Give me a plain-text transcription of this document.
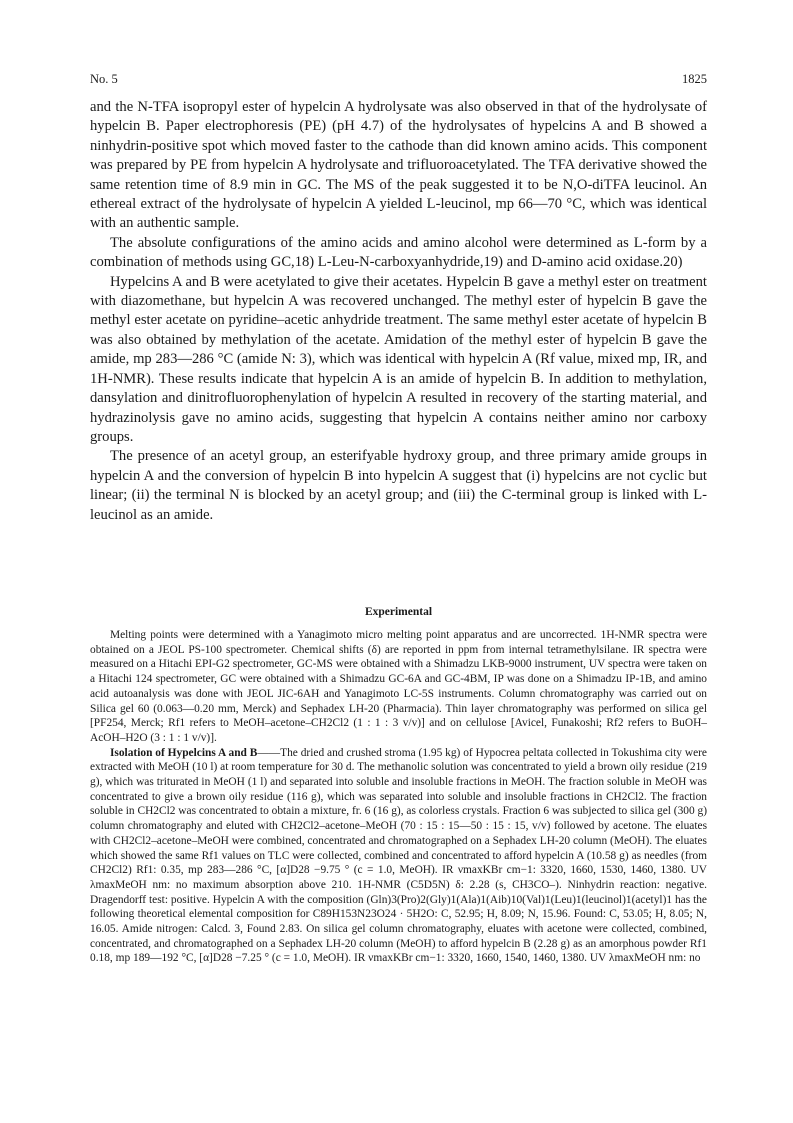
No. 5	1825

and the N-TFA isopropyl ester of hypelcin A hydrolysate was also observed in that of the hydrolysate of hypelcin B. Paper electrophoresis (PE) (pH 4.7) of the hydrolysates of hypelcins A and B showed a ninhydrin-positive spot which moved faster to the cathode than did known amino acids. This component was prepared by PE from hypelcin A hydrolysate and trifluoroacetylated. The TFA derivative showed the same retention time of 8.9 min in GC. The MS of the peak suggested it to be N,O-diTFA leucinol. An ethereal extract of the hydrolysate of hypelcin A yielded L-leucinol, mp 66—70 °C, which was identical with an authentic sample.

The absolute configurations of the amino acids and amino alcohol were determined as L-form by a combination of methods using GC,18) L-Leu-N-carboxyanhydride,19) and D-amino acid oxidase.20)

Hypelcins A and B were acetylated to give their acetates. Hypelcin B gave a methyl ester on treatment with diazomethane, but hypelcin A was recovered unchanged. The methyl ester of hypelcin B gave the methyl ester acetate on pyridine–acetic anhydride treatment. The same methyl ester acetate of hypelcin B was also obtained by methylation of the acetate. Amidation of the methyl ester of hypelcin B gave the amide, mp 283—286 °C (amide N: 3), which was identical with hypelcin A (Rf value, mixed mp, IR, and 1H-NMR). These results indicate that hypelcin A is an amide of hypelcin B. In addition to methylation, dansylation and dinitrofluorophenylation of hypelcin A resulted in recovery of the starting material, and hydrazinolysis gave no amino acids, suggesting that hypelcin A contains neither amino nor carboxy groups.

The presence of an acetyl group, an esterifyable hydroxy group, and three primary amide groups in hypelcin A and the conversion of hypelcin B into hypelcin A suggest that (i) hypelcins are not cyclic but linear; (ii) the terminal N is blocked by an acetyl group; and (iii) the C-terminal group is linked with L-leucinol as an amide.

Experimental

Melting points were determined with a Yanagimoto micro melting point apparatus and are uncorrected. 1H-NMR spectra were obtained on a JEOL PS-100 spectrometer. Chemical shifts (δ) are reported in ppm from internal tetramethylsilane. IR spectra were measured on a Hitachi EPI-G2 spectrometer, GC-MS were obtained with a Shimadzu LKB-9000 instrument, UV spectra were taken on a Hitachi 124 spectrometer, GC were obtained with a Shimadzu GC-6A and GC-4BM, IP was done on a Shimadzu IP-1B, and amino acid autoanalysis was done with JEOL JIC-6AH and Yanagimoto LC-5S instruments. Column chromatography was carried out on Silica gel 60 (0.063—0.20 mm, Merck) and Sephadex LH-20 (Pharmacia). Thin layer chromatography was performed on silica gel [PF254, Merck; Rf1 refers to MeOH–acetone–CH2Cl2 (1 : 1 : 3 v/v)] and on cellulose [Avicel, Funakoshi; Rf2 refers to BuOH–AcOH–H2O (3 : 1 : 1 v/v)].

Isolation of Hypelcins A and B——The dried and crushed stroma (1.95 kg) of Hypocrea peltata collected in Tokushima city were extracted with MeOH (10 l) at room temperature for 30 d. The methanolic solution was concentrated to yield a brown oily residue (219 g), which was triturated in MeOH (1 l) and separated into soluble and insoluble fractions in MeOH. The fraction soluble in MeOH was concentrated to give a brown oily residue (116 g), which was separated into soluble and insoluble fractions in CH2Cl2. The fraction soluble in CH2Cl2 was concentrated to obtain a mixture, fr. 6 (16 g), as colorless crystals. Fraction 6 was subjected to silica gel (300 g) column chromatography and eluted with CH2Cl2–acetone–MeOH (70 : 15 : 15—50 : 15 : 15, v/v) followed by acetone. The eluates with CH2Cl2–acetone–MeOH were combined, concentrated and chromatographed on a Sephadex LH-20 column (MeOH). The eluates which showed the same Rf1 values on TLC were collected, combined and concentrated to afford hypelcin A (10.58 g) as needles (from CH2Cl2) Rf1: 0.35, mp 283—286 °C, [α]D28 −9.75 ° (c = 1.0, MeOH). IR νmaxKBr cm−1: 3320, 1660, 1530, 1460, 1380. UV λmaxMeOH nm: no maximum absorption above 210. 1H-NMR (C5D5N) δ: 2.28 (s, CH3CO–). Ninhydrin reaction: negative. Dragendorff test: positive. Hypelcin A with the composition (Gln)3(Pro)2(Gly)1(Ala)1(Aib)10(Val)1(Leu)1(leucinol)1(acetyl)1 has the following theoretical elemental composition for C89H153N23O24 · 5H2O: C, 52.95; H, 8.09; N, 15.96. Found: C, 53.05; H, 8.05; N, 16.05. Amide nitrogen: Calcd. 3, Found 2.83. On silica gel column chromatography, eluates with acetone were collected, combined, concentrated, and chromatographed on a Sephadex LH-20 column (MeOH) to afford hypelcin B (2.28 g) as an amorphous powder Rf1 0.18, mp 189—192 °C, [α]D28 −7.25 ° (c = 1.0, MeOH). IR νmaxKBr cm−1: 3320, 1660, 1540, 1460, 1380. UV λmaxMeOH nm: no
